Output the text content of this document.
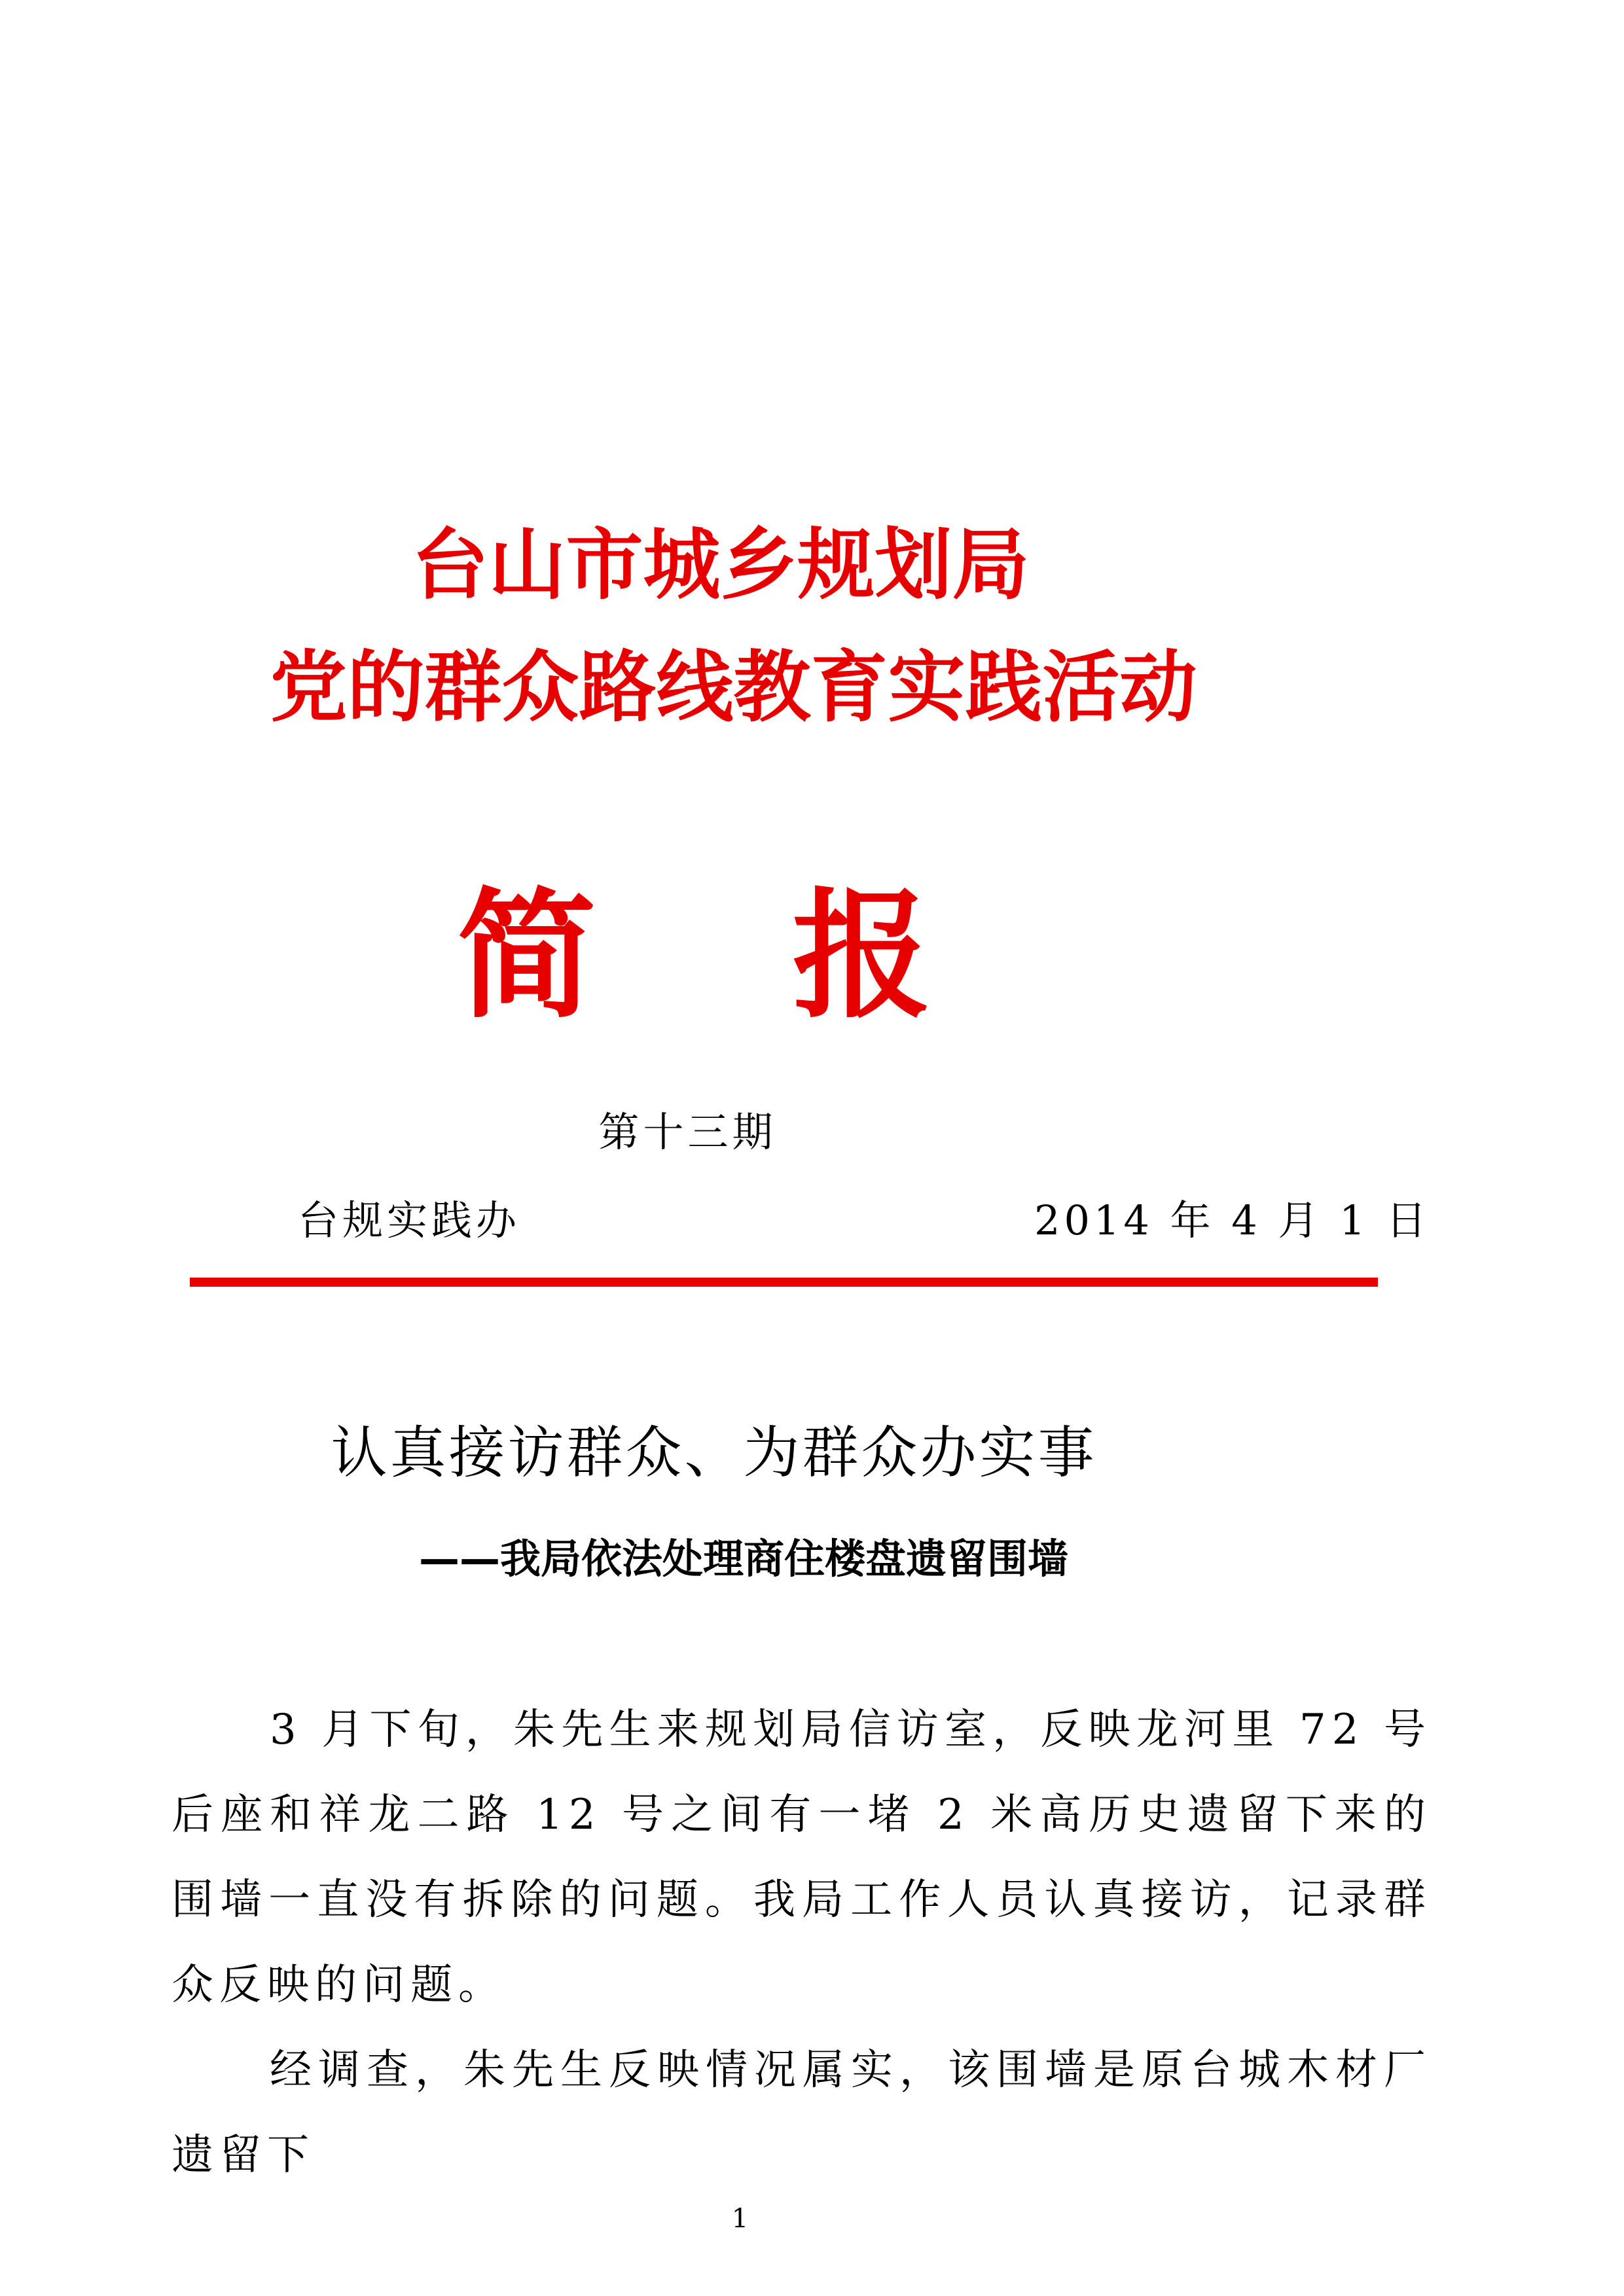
台山市城乡规划局
党的群众路线教育实践活动
简报
第十三期
台规实践办	2014 年 4 月 1 日
认真接访群众、为群众办实事
——我局依法处理商住楼盘遗留围墙

3 月下旬，朱先生来规划局信访室，反映龙河里 72 号后座和祥龙二路 12 号之间有一堵 2 米高历史遗留下来的围墙一直没有拆除的问题。我局工作人员认真接访，记录群众反映的问题。

经调查，朱先生反映情况属实，该围墙是原台城木材厂遗留下

1
